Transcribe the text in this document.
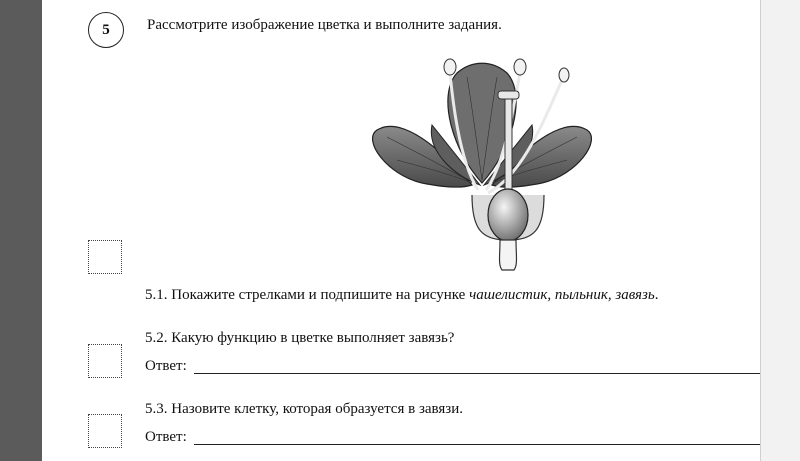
5 Рассмотрите изображение цветка и выполните задания.
5.1. Покажите стрелками и подпишите на рисунке чашелистик, пыльник, завязь.
5.2. Какую функцию в цветке выполняет завязь?
Ответ:
5.3. Назовите клетку, которая образуется в завязи.
Ответ:
